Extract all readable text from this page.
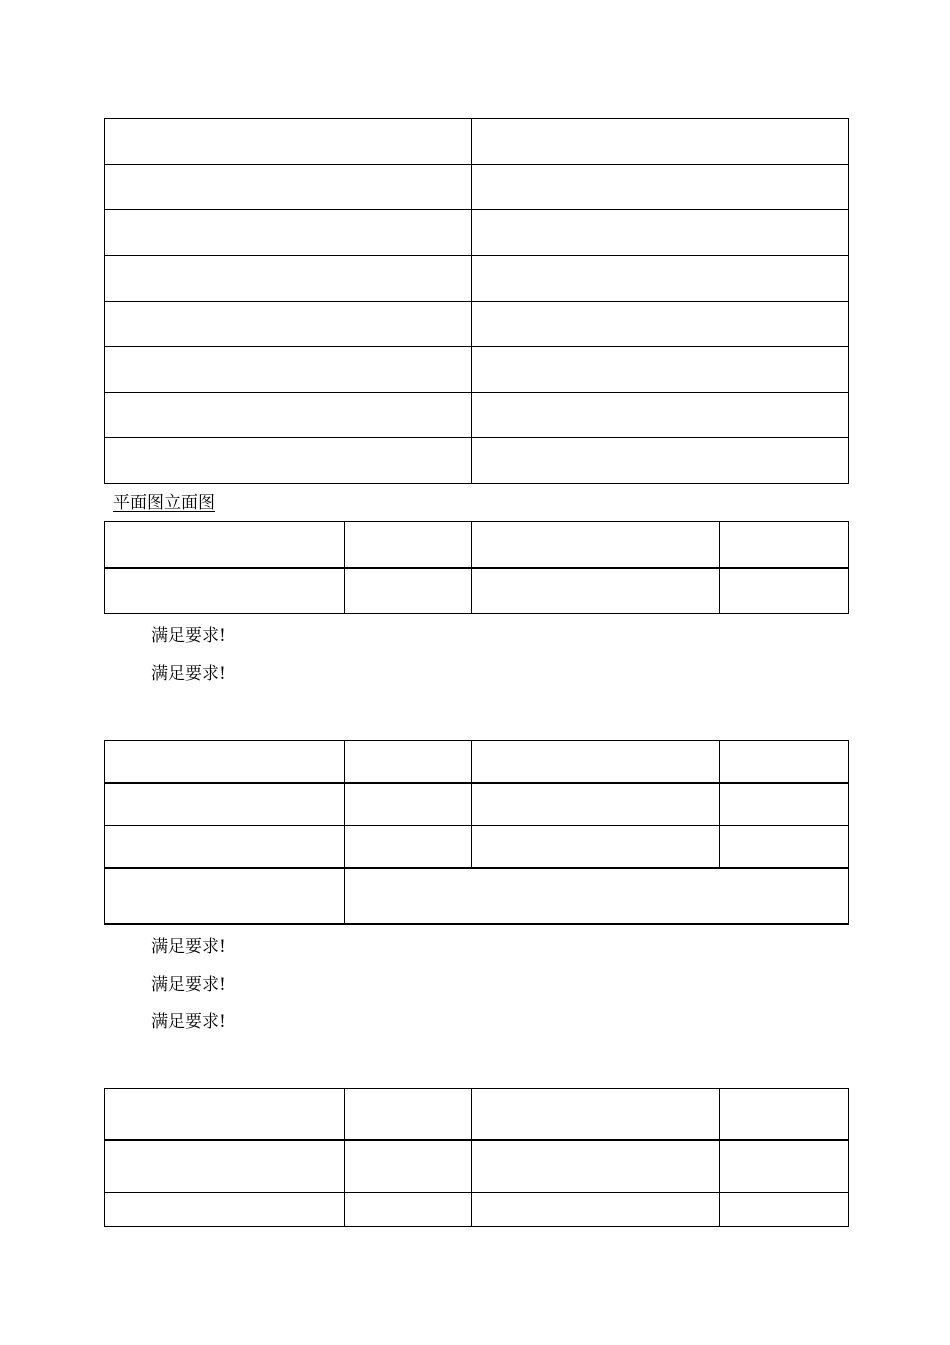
平面图立面图

满足要求!
满足要求!

满足要求!
满足要求!
满足要求!
